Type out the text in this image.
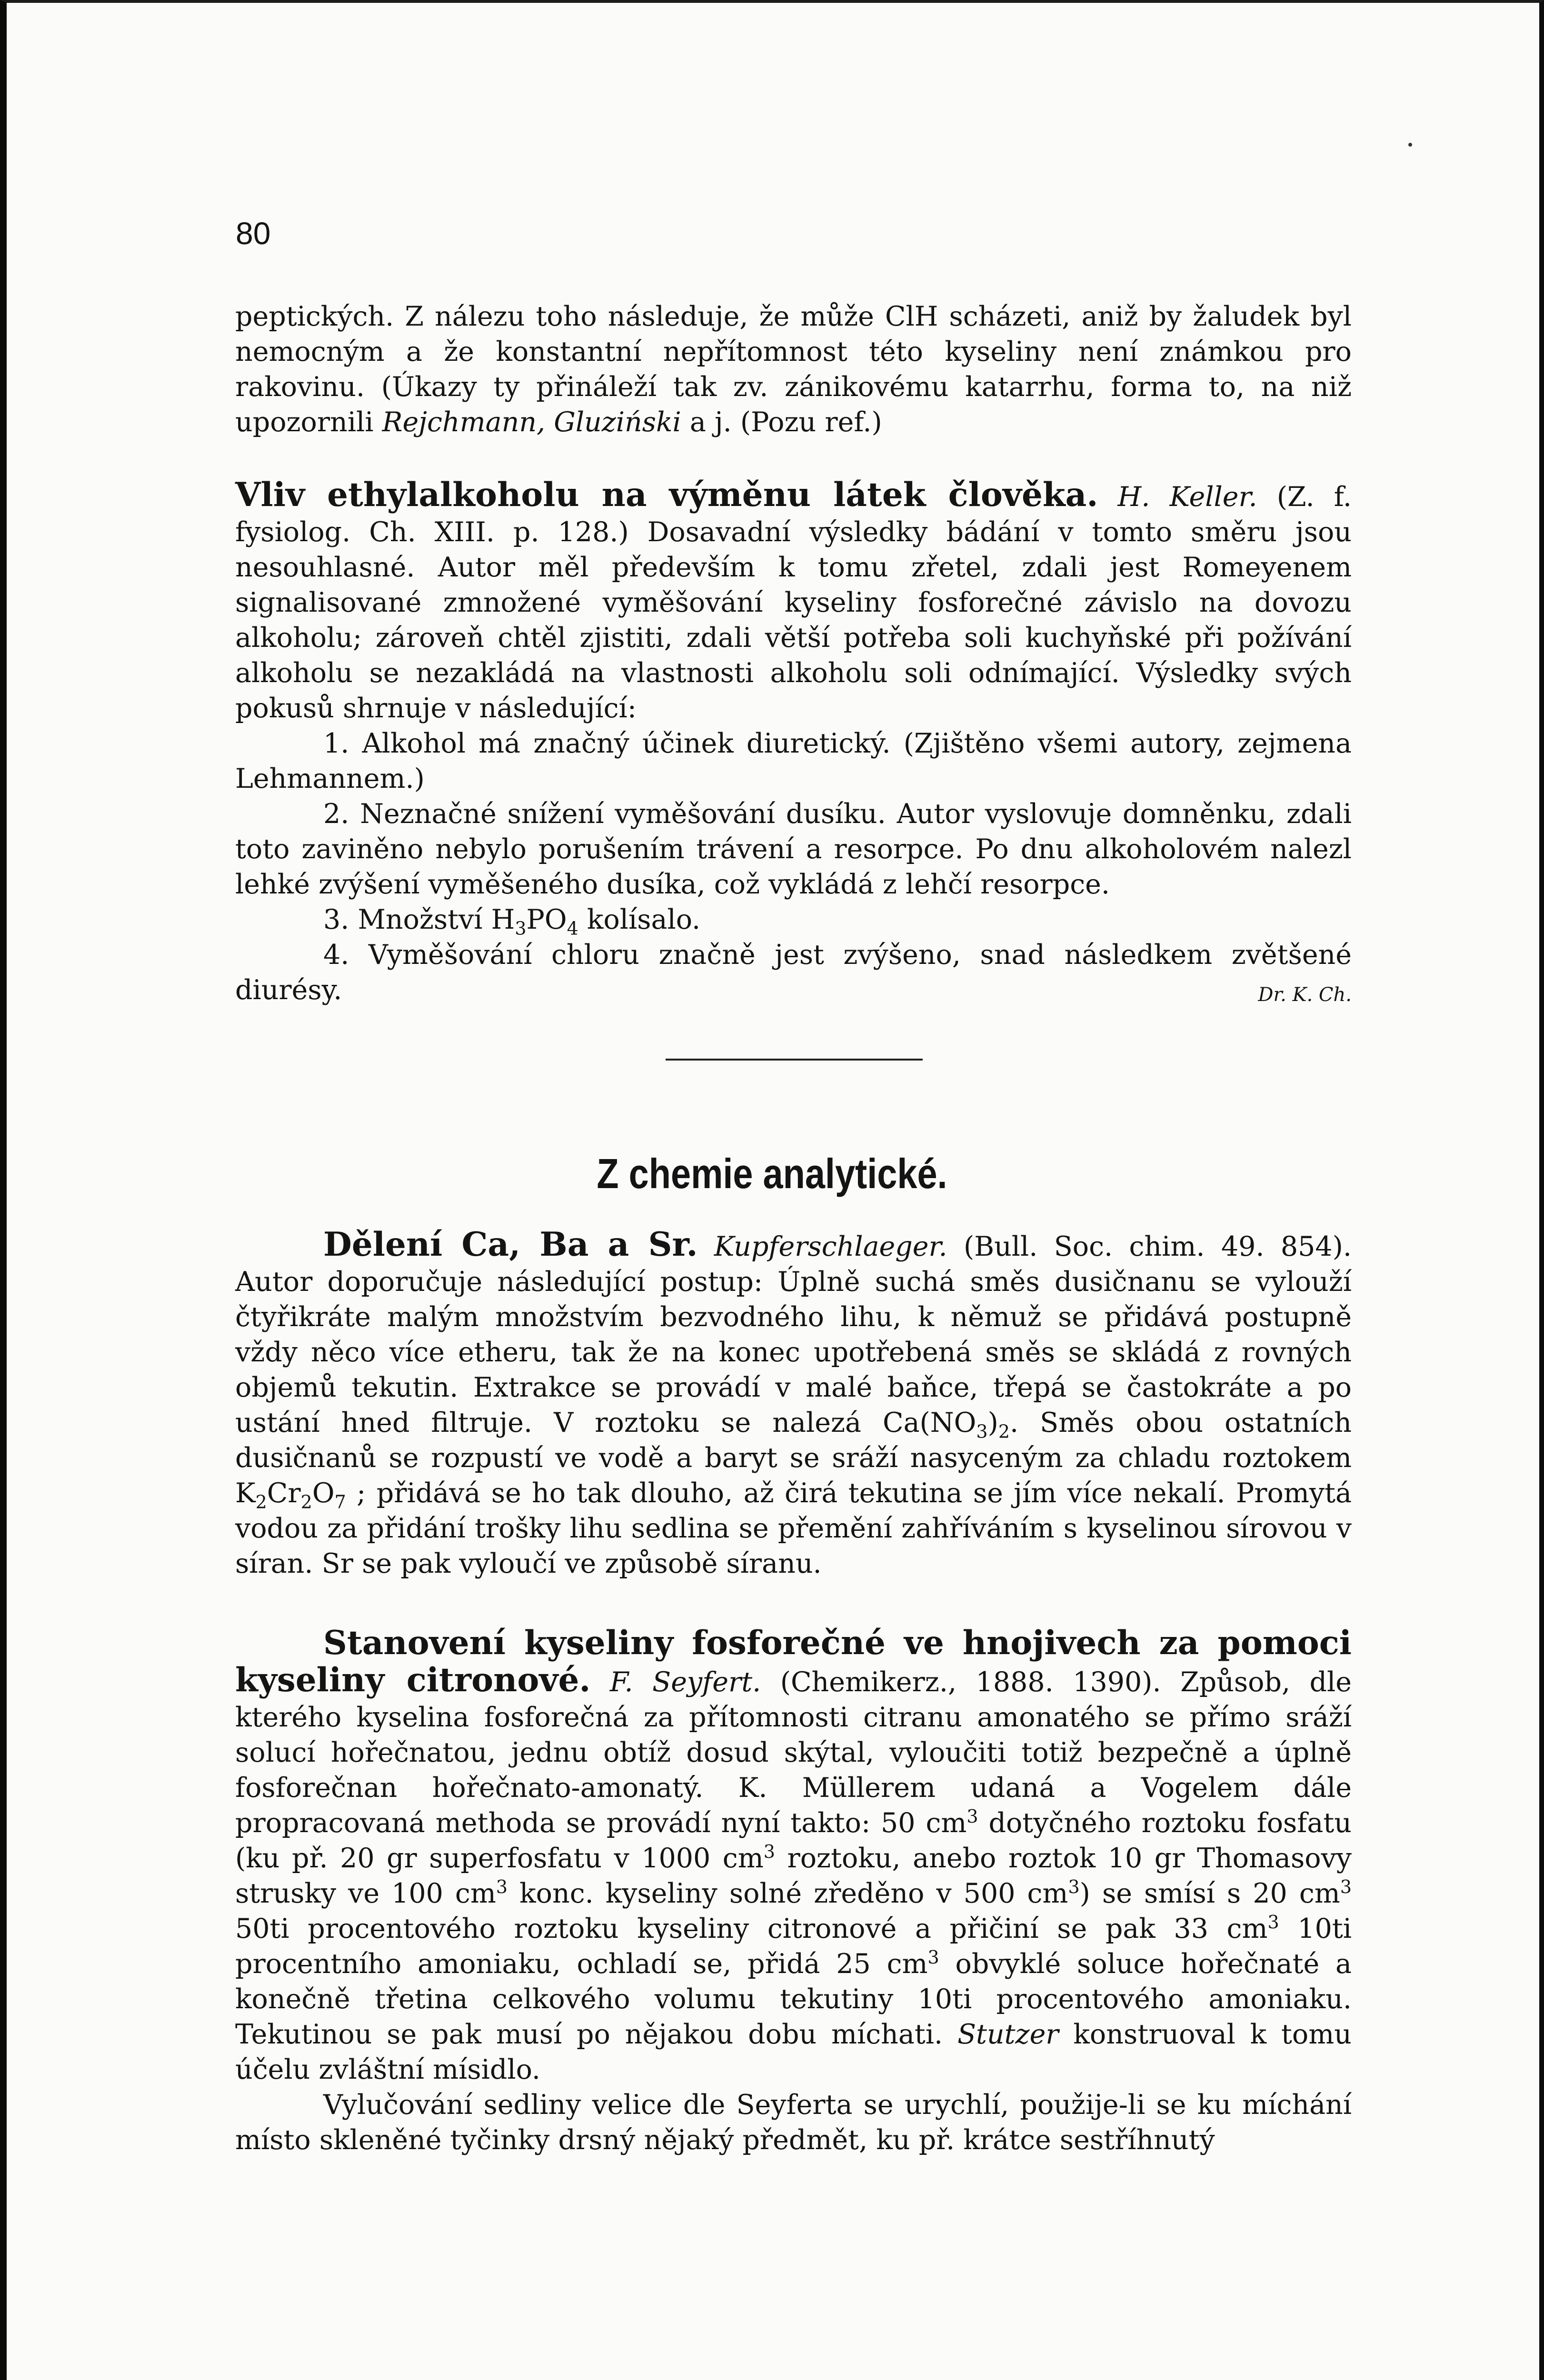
80

peptických. Z nálezu toho následuje, že může ClH scházeti, aniž by žaludek byl nemocným a že konstantní nepřítomnost této kyseliny není známkou pro rakovinu. (Úkazy ty přináleží tak zv. zánikovému katarrhu, forma to, na niž upozornili Rejchmann, Gluziński a j. (Pozu ref.)

Vliv ethylalkoholu na výměnu látek člověka. H. Keller. (Z. f. fysiolog. Ch. XIII. p. 128.) Dosavadní výsledky bádání v tomto směru jsou nesouhlasné. Autor měl především k tomu zřetel, zdali jest Romeyenem signalisované zmnožené vyměšování kyseliny fosforečné závislo na dovozu alkoholu; zároveň chtěl zjistiti, zdali větší potřeba soli kuchyňské při požívání alkoholu se nezakládá na vlastnosti alkoholu soli odnímající. Výsledky svých pokusů shrnuje v následující:

1. Alkohol má značný účinek diuretický. (Zjištěno všemi autory, zejmena Lehmannem.)

2. Neznačné snížení vyměšování dusíku. Autor vyslovuje domněnku, zdali toto zaviněno nebylo porušením trávení a resorpce. Po dnu alkoholovém nalezl lehké zvýšení vyměšeného dusíka, což vykládá z lehčí resorpce.

3. Množství $H_3PO_4$ kolísalo.

4. Vyměšování chloru značně jest zvýšeno, snad následkem zvětšené diurésy.	Dr. K. Ch.

Z chemie analytické.

Dělení Ca, Ba a Sr. Kupferschlaeger. (Bull. Soc. chim. 49. 854). Autor doporučuje následující postup: Úplně suchá směs dusičnanu se vylouží čtyřikráte malým množstvím bezvodného lihu, k němuž se přidává postupně vždy něco více etheru, tak že na konec upotřebená směs se skládá z rovných objemů tekutin. Extrakce se provádí v malé baňce, třepá se častokráte a po ustání hned filtruje. V roztoku se nalezá $Ca(NO_3)_2$. Směs obou ostatních dusičnanů se rozpustí ve vodě a baryt se sráží nasyceným za chladu roztokem $K_2Cr_2O_7$ ; přidává se ho tak dlouho, až čirá tekutina se jím více nekalí. Promytá vodou za přidání trošky lihu sedlina se přemění zahříváním s kyselinou sírovou v síran. Sr se pak vyloučí ve způsobě síranu.

Stanovení kyseliny fosforečné ve hnojivech za pomoci kyseliny citronové. F. Seyfert. (Chemikerz., 1888. 1390). Způsob, dle kterého kyselina fosforečná za přítomnosti citranu amonatého se přímo sráží solucí hořečnatou, jednu obtíž dosud skýtal, vyloučiti totiž bezpečně a úplně fosforečnan hořečnato-amonatý. K. Müllerem udaná a Vogelem dále propracovaná methoda se provádí nyní takto: 50 $cm^3$ dotyčného roztoku fosfatu (ku př. 20 gr superfosfatu v 1000 $cm^3$ roztoku, anebo roztok 10 gr Thomasovy strusky ve 100 $cm^3$ konc. kyseliny solné zředěno v 500 $cm^3$) se smísí s 20 $cm^3$ 50ti procentového roztoku kyseliny citronové a přičiní se pak 33 $cm^3$ 10ti procentního amoniaku, ochladí se, přidá 25 $cm^3$ obvyklé soluce hořečnaté a konečně třetina celkového volumu tekutiny 10ti procentového amoniaku. Tekutinou se pak musí po nějakou dobu míchati. Stutzer konstruoval k tomu účelu zvláštní mísidlo.

Vylučování sedliny velice dle Seyferta se urychlí, použije-li se ku míchání místo skleněné tyčinky drsný nějaký předmět, ku př. krátce sestříhnutý
